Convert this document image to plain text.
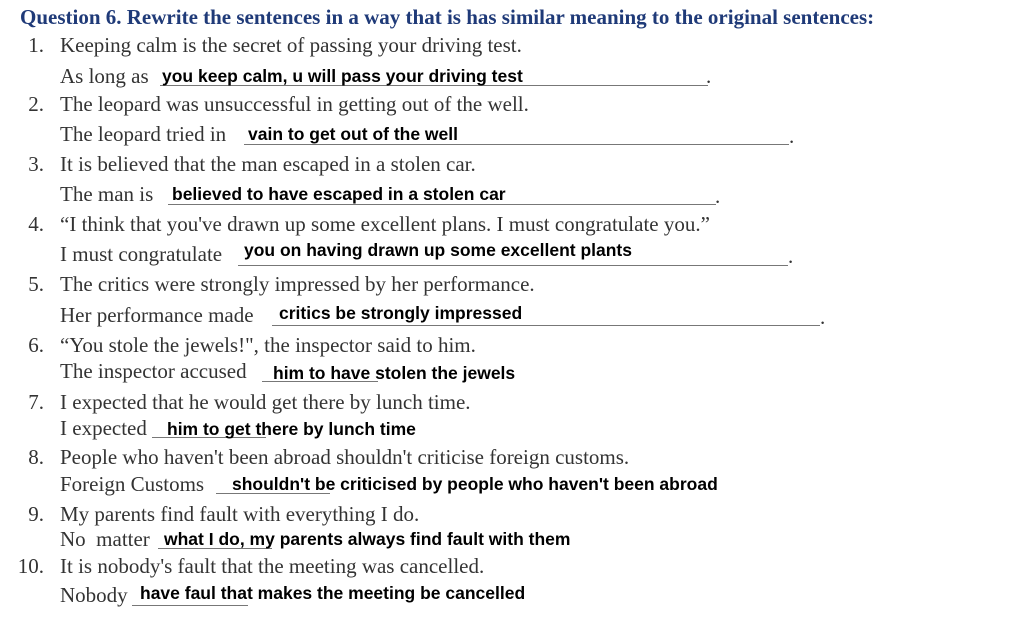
Question 6. Rewrite the sentences in a way that is has similar meaning to the original sentences:
1. Keeping calm is the secret of passing your driving test.
As long as you keep calm, u will pass your driving test	.
2. The leopard was unsuccessful in getting out of the well.
The leopard tried in vain to get out of the well	.
3. It is believed that the man escaped in a stolen car.
The man is believed to have escaped in a stolen car	.
4. “I think that you've drawn up some excellent plans. I must congratulate you.”
I must congratulate you on having drawn up some excellent plants	.
5. The critics were strongly impressed by her performance.
Her performance made critics be strongly impressed	.
6. “You stole the jewels!", the inspector said to him.
The inspector accused him to have stolen the jewels
7. I expected that he would get there by lunch time.
I expected him to get there by lunch time
8. People who haven't been abroad shouldn't criticise foreign customs.
Foreign Customs shouldn't be criticised by people who haven't been abroad
9. My parents find fault with everything I do.
No  matter what I do, my parents always find fault with them
10. It is nobody's fault that the meeting was cancelled.
Nobody have faul that makes the meeting be cancelled
